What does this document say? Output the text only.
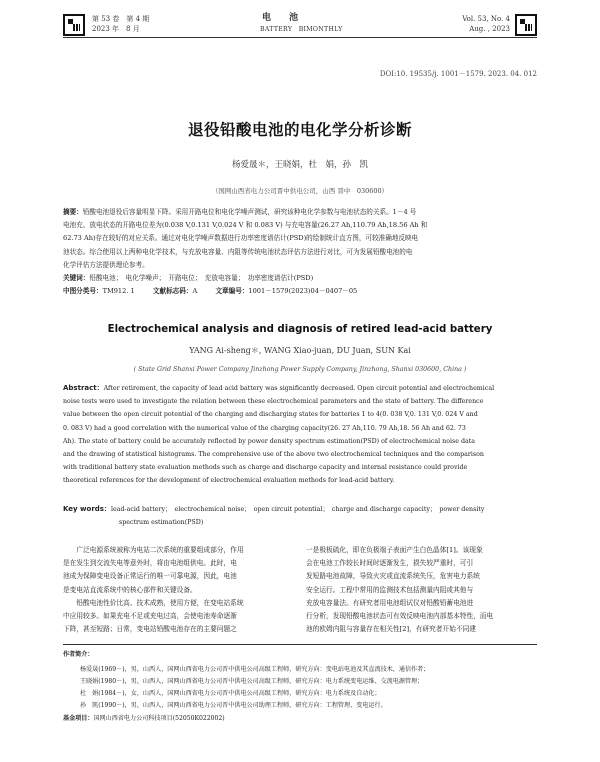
第 53 卷　第 4 期
2023 年　8 月
电　　池
BATTERY　BIMONTHLY
Vol. 53, No. 4
Aug. , 2023
DOI:10. 19535/j. 1001－1579. 2023. 04. 012
退役铅酸电池的电化学分析诊断
杨爱晟＊，王晓娟，杜　娟，孙　凯
（国网山西省电力公司晋中供电公司，山西 晋中　030600）
摘要：铅酸电池退役后容量明显下降。采用开路电位和电化学噪声测试，研究该种电化学参数与电池状态的关系。1－4 号
电池充、放电状态的开路电位差为(0.038 V,0.131 V,0.024 V 和 0.083 V) 与充电容量(26.27 Ah,110.79 Ah,18.56 Ah 和
62.73 Ah)存在较好的对应关系。通过对电化学噪声数据进行功率密度谱估计(PSD)的绘制统计直方图，可较准确地反映电
池状态。综合使用以上两种电化学技术，与充放电容量、内阻等传统电池状态评估方法进行对比，可为发展铅酸电池的电
化学评估方法提供理论参考。
关键词：铅酸电池；　电化学噪声；　开路电位；　充放电容量；　功率密度谱估计(PSD)
中图分类号：TM912. 1	文献标志码：A	文章编号：1001－1579(2023)04－0407－05
Electrochemical analysis and diagnosis of retired lead-acid battery
YANG Ai-sheng＊, WANG Xiao-juan, DU Juan, SUN Kai
( State Grid Shanxi Power Company Jinzhong Power Supply Company, Jinzhong, Shanxi 030600, China )
Abstract：After retirement, the capacity of lead acid battery was significantly decreased. Open circuit potential and electrochemical
noise tests were used to investigate the relation between these electrochemical parameters and the state of battery. The difference
value between the open circuit potential of the charging and discharging states for batteries 1 to 4(0. 038 V,0. 131 V,0. 024 V and
0. 083 V) had a good correlation with the numerical value of the charging capacity(26. 27 Ah,110. 79 Ah,18. 56 Ah and 62. 73
Ah). The state of battery could be accurately reflected by power density spectrum estimation(PSD) of electrochemical noise data
and the drawing of statistical histograms. The comprehensive use of the above two electrochemical techniques and the comparison
with traditional battery state evaluation methods such as charge and discharge capacity and internal resistance could provide
theoretical references for the development of electrochemical evaluation methods for lead-acid battery.
Key words：lead-acid battery；　electrochemical noise；　open circuit potential；　charge and discharge capacity；　power density
spectrum estimation(PSD)
　　广泛电源系统被称为电站二次系统的重要组成部分，作用
是在发生到交流失电等意外时，将由电池组供电。此时，电
池成为保障变电设备正常运行的唯一可靠电源，因此，电池
是变电站直流系统中的核心部件和关键设备。
　　铅酸电池性价比高、技术成熟，使用方便，在变电站系统
中应用较多。如果充电不足或充电过高，会使电池寿命逐渐
下降，甚至短路；日常，变电站铅酸电池存在的主要问题之
一是极板硫化，即在负极端子表面产生白色晶体[1]。该现象
会在电池工作较长时间时逐渐发生，损失较严重时，可引
发短路电池故障，导致火灾或直流系统失压，危害电力系统
安全运行。工程中常用的监测技术包括测量内阻或其他与
充放电容量法。有研究者用电池组试仪对铅酸铅蓄电池进
行分析，发现铅酸电池状态可有效反映电池内部基本特性，而电
池的欧姆内阻与容量存在相关性[2]，有研究者开始不同建
作者简介：
杨爱晟(1969－)，男，山西人，国网山西省电力公司晋中供电公司高级工程师，研究方向：变电站电池及其直流技术，通信作者；
王晓娟(1980－)，男，山西人，国网山西省电力公司晋中供电公司高级工程师，研究方向：电力系统变电运维、交流电源管理；
杜　娟(1984－)，女，山西人，国网山西省电力公司晋中供电公司高级工程师，研究方向：电力系统及自动化；
孙　凯(1990－)，男，山西人，国网山西省电力公司晋中供电公司助理工程师，研究方向：工程管理、变电运行。
基金项目：国网山西省电力公司科技项目(52050K022002)
